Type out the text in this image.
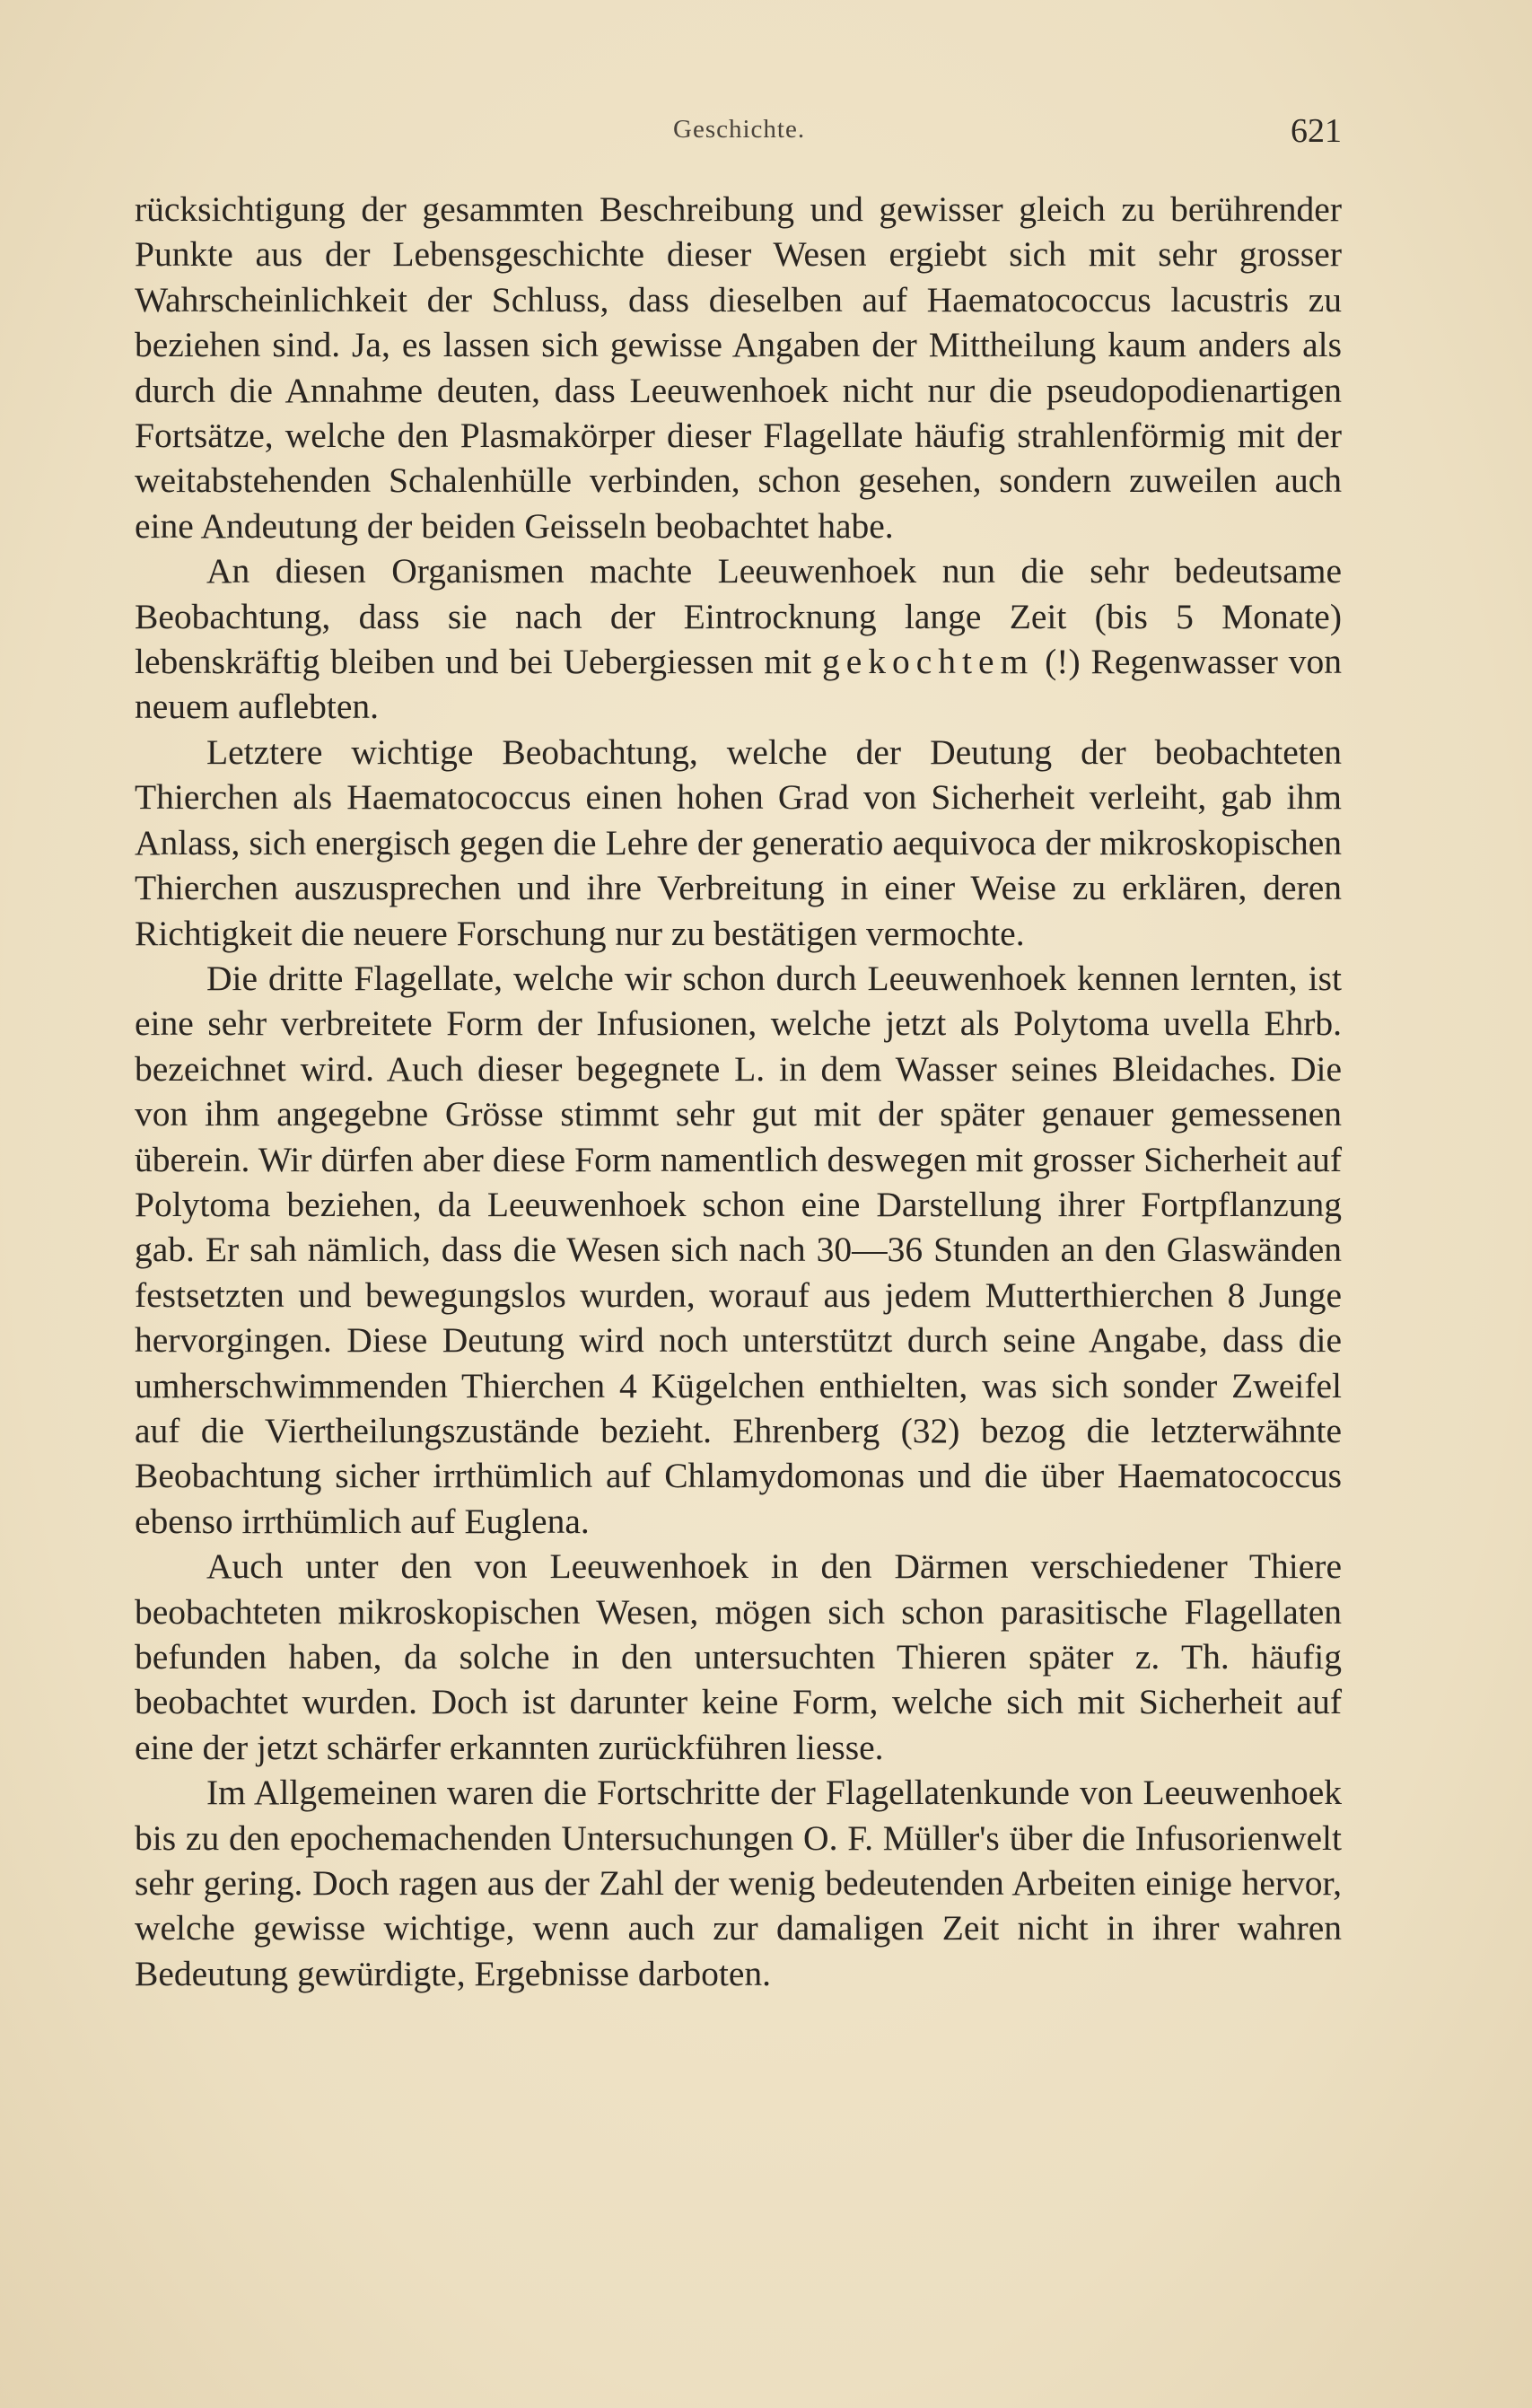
Geschichte.	621

rücksichtigung der gesammten Beschreibung und gewisser gleich zu berührender Punkte aus der Lebensgeschichte dieser Wesen ergiebt sich mit sehr grosser Wahrscheinlichkeit der Schluss, dass dieselben auf Haematococcus lacustris zu beziehen sind. Ja, es lassen sich gewisse Angaben der Mittheilung kaum anders als durch die Annahme deuten, dass Leeuwenhoek nicht nur die pseudopodienartigen Fortsätze, welche den Plasmakörper dieser Flagellate häufig strahlenförmig mit der weitabstehenden Schalenhülle verbinden, schon gesehen, sondern zuweilen auch eine Andeutung der beiden Geisseln beobachtet habe.

An diesen Organismen machte Leeuwenhoek nun die sehr bedeutsame Beobachtung, dass sie nach der Eintrocknung lange Zeit (bis 5 Monate) lebenskräftig bleiben und bei Uebergiessen mit gekochtem (!) Regenwasser von neuem auflebten.

Letztere wichtige Beobachtung, welche der Deutung der beobachteten Thierchen als Haematococcus einen hohen Grad von Sicherheit verleiht, gab ihm Anlass, sich energisch gegen die Lehre der generatio aequivoca der mikroskopischen Thierchen auszusprechen und ihre Verbreitung in einer Weise zu erklären, deren Richtigkeit die neuere Forschung nur zu bestätigen vermochte.

Die dritte Flagellate, welche wir schon durch Leeuwenhoek kennen lernten, ist eine sehr verbreitete Form der Infusionen, welche jetzt als Polytoma uvella Ehrb. bezeichnet wird. Auch dieser begegnete L. in dem Wasser seines Bleidaches. Die von ihm angegebne Grösse stimmt sehr gut mit der später genauer gemessenen überein. Wir dürfen aber diese Form namentlich deswegen mit grosser Sicherheit auf Polytoma beziehen, da Leeuwenhoek schon eine Darstellung ihrer Fortpflanzung gab. Er sah nämlich, dass die Wesen sich nach 30—36 Stunden an den Glaswänden festsetzten und bewegungslos wurden, worauf aus jedem Mutterthierchen 8 Junge hervorgingen. Diese Deutung wird noch unterstützt durch seine Angabe, dass die umherschwimmenden Thierchen 4 Kügelchen enthielten, was sich sonder Zweifel auf die Viertheilungszustände bezieht. Ehrenberg (32) bezog die letzterwähnte Beobachtung sicher irrthümlich auf Chlamydomonas und die über Haematococcus ebenso irrthümlich auf Euglena.

Auch unter den von Leeuwenhoek in den Därmen verschiedener Thiere beobachteten mikroskopischen Wesen, mögen sich schon parasitische Flagellaten befunden haben, da solche in den untersuchten Thieren später z. Th. häufig beobachtet wurden. Doch ist darunter keine Form, welche sich mit Sicherheit auf eine der jetzt schärfer erkannten zurückführen liesse.

Im Allgemeinen waren die Fortschritte der Flagellatenkunde von Leeuwenhoek bis zu den epochemachenden Untersuchungen O. F. Müller's über die Infusorienwelt sehr gering. Doch ragen aus der Zahl der wenig bedeutenden Arbeiten einige hervor, welche gewisse wichtige, wenn auch zur damaligen Zeit nicht in ihrer wahren Bedeutung gewürdigte, Ergebnisse darboten.
